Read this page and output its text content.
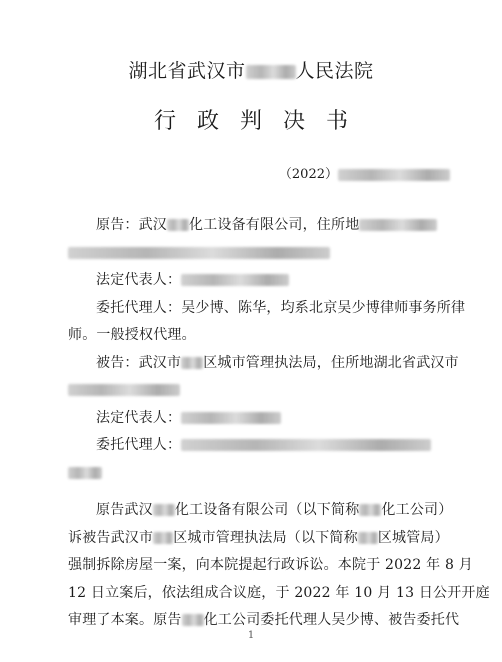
湖北省武汉市	人民法院
行政判决书
（2022）

原告：武汉 化工设备有限公司，住所地

法定代表人：

委托代理人：吴少博、陈华，均系北京吴少博律师事务所律

师。一般授权代理。

被告：武汉市 区城市管理执法局，住所地湖北省武汉市

法定代表人：

委托代理人：

原告武汉 化工设备有限公司（以下简称 化工公司）

诉被告武汉市 区城市管理执法局（以下简称 区城管局）

强制拆除房屋一案，向本院提起行政诉讼。本院于 2022 年 8 月

12 日立案后，依法组成合议庭，于 2022 年 10 月 13 日公开开庭

审理了本案。原告 化工公司委托代理人吴少博、被告委托代

1
